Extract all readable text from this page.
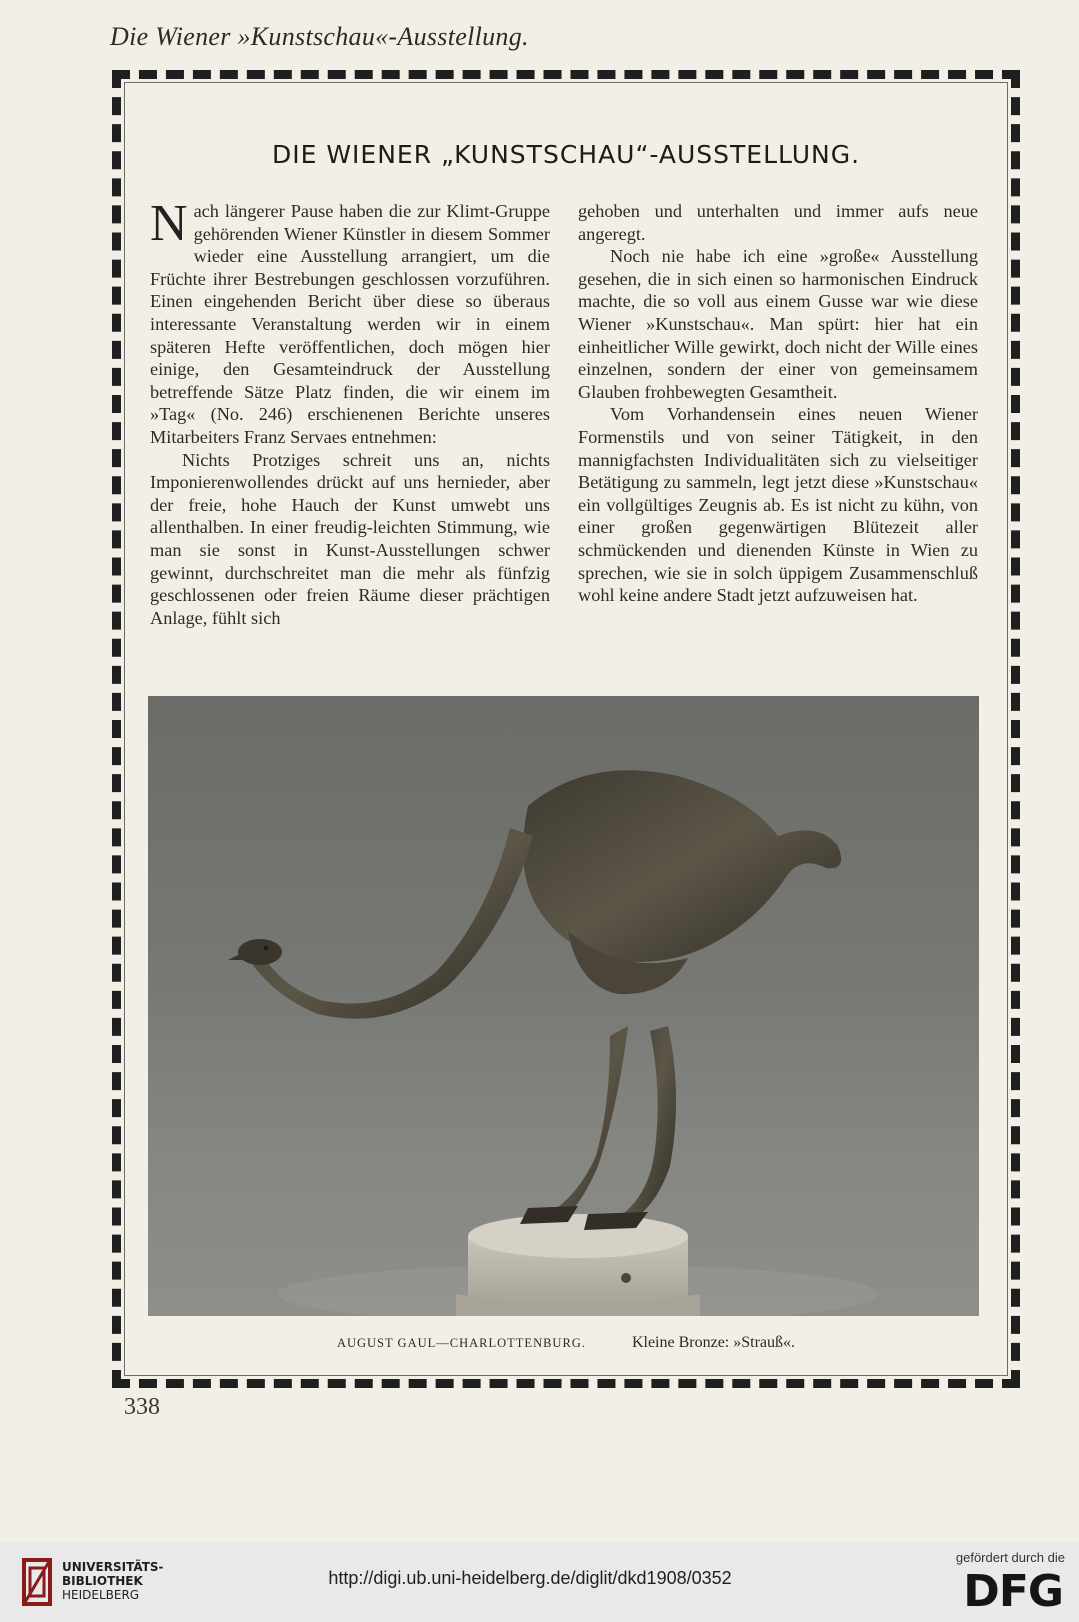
Die Wiener »Kunstschau«-Ausstellung.
DIE WIENER „KUNSTSCHAU“-AUSSTELLUNG.

Nach längerer Pause haben die zur Klimt-Gruppe gehörenden Wiener Künstler in diesem Sommer wieder eine Ausstellung arrangiert, um die Früchte ihrer Bestrebungen geschlossen vorzuführen. Einen eingehenden Bericht über diese so überaus interessante Veranstaltung werden wir in einem späteren Hefte veröffentlichen, doch mögen hier einige, den Gesamteindruck der Ausstellung betreffende Sätze Platz finden, die wir einem im »Tag« (No. 246) erschienenen Berichte unseres Mitarbeiters Franz Servaes entnehmen:

Nichts Protziges schreit uns an, nichts Imponierenwollendes drückt auf uns hernieder, aber der freie, hohe Hauch der Kunst umwebt uns allenthalben. In einer freudig-leichten Stimmung, wie man sie sonst in Kunst-Ausstellungen schwer gewinnt, durchschreitet man die mehr als fünfzig geschlossenen oder freien Räume dieser prächtigen Anlage, fühlt sich

gehoben und unterhalten und immer aufs neue angeregt.

Noch nie habe ich eine »große« Ausstellung gesehen, die in sich einen so harmonischen Eindruck machte, die so voll aus einem Gusse war wie diese Wiener »Kunstschau«. Man spürt: hier hat ein einheitlicher Wille gewirkt, doch nicht der Wille eines einzelnen, sondern der einer von gemeinsamem Glauben frohbewegten Gesamtheit.

Vom Vorhandensein eines neuen Wiener Formenstils und von seiner Tätigkeit, in den mannigfachsten Individualitäten sich zu vielseitiger Betätigung zu sammeln, legt jetzt diese »Kunstschau« ein vollgültiges Zeugnis ab. Es ist nicht zu kühn, von einer großen gegenwärtigen Blütezeit aller schmückenden und dienenden Künste in Wien zu sprechen, wie sie in solch üppigem Zusammenschluß wohl keine andere Stadt jetzt aufzuweisen hat.

AUGUST GAUL—CHARLOTTENBURG.	Kleine Bronze: »Strauß«.
338
UNIVERSITÄTS-
BIBLIOTHEK
HEIDELBERG
http://digi.ub.uni-heidelberg.de/diglit/dkd1908/0352
gefördert durch die
DFG
